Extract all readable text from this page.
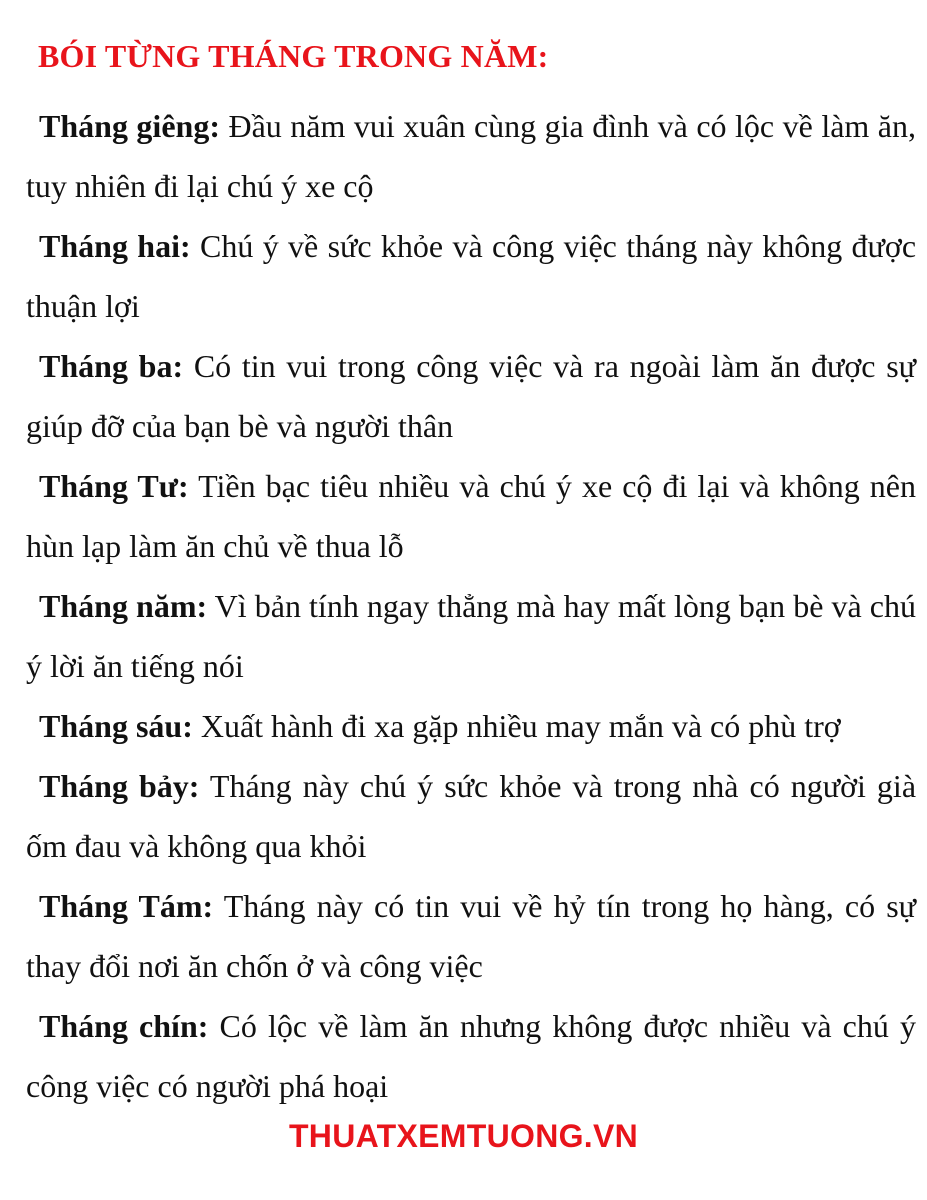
BÓI TỪNG THÁNG TRONG NĂM:

Tháng giêng: Đầu năm vui xuân cùng gia đình và có lộc về làm ăn, tuy nhiên đi lại chú ý xe cộ

Tháng hai: Chú ý về sức khỏe và công việc tháng này không được thuận lợi

Tháng ba: Có tin vui trong công việc và ra ngoài làm ăn được sự giúp đỡ của bạn bè và người thân

Tháng Tư: Tiền bạc tiêu nhiều và chú ý xe cộ đi lại và không nên hùn lạp làm ăn chủ về thua lỗ

Tháng năm: Vì bản tính ngay thẳng mà hay mất lòng bạn bè và chú ý lời ăn tiếng nói

Tháng sáu: Xuất hành đi xa gặp nhiều may mắn và có phù trợ

Tháng bảy: Tháng này chú ý sức khỏe và trong nhà có người già ốm đau và không qua khỏi

Tháng Tám: Tháng này có tin vui về hỷ tín trong họ hàng, có sự thay đổi nơi ăn chốn ở và công việc

Tháng chín: Có lộc về làm ăn nhưng không được nhiều và chú ý công việc có người phá hoại

THUATXEMTUONG.VN
